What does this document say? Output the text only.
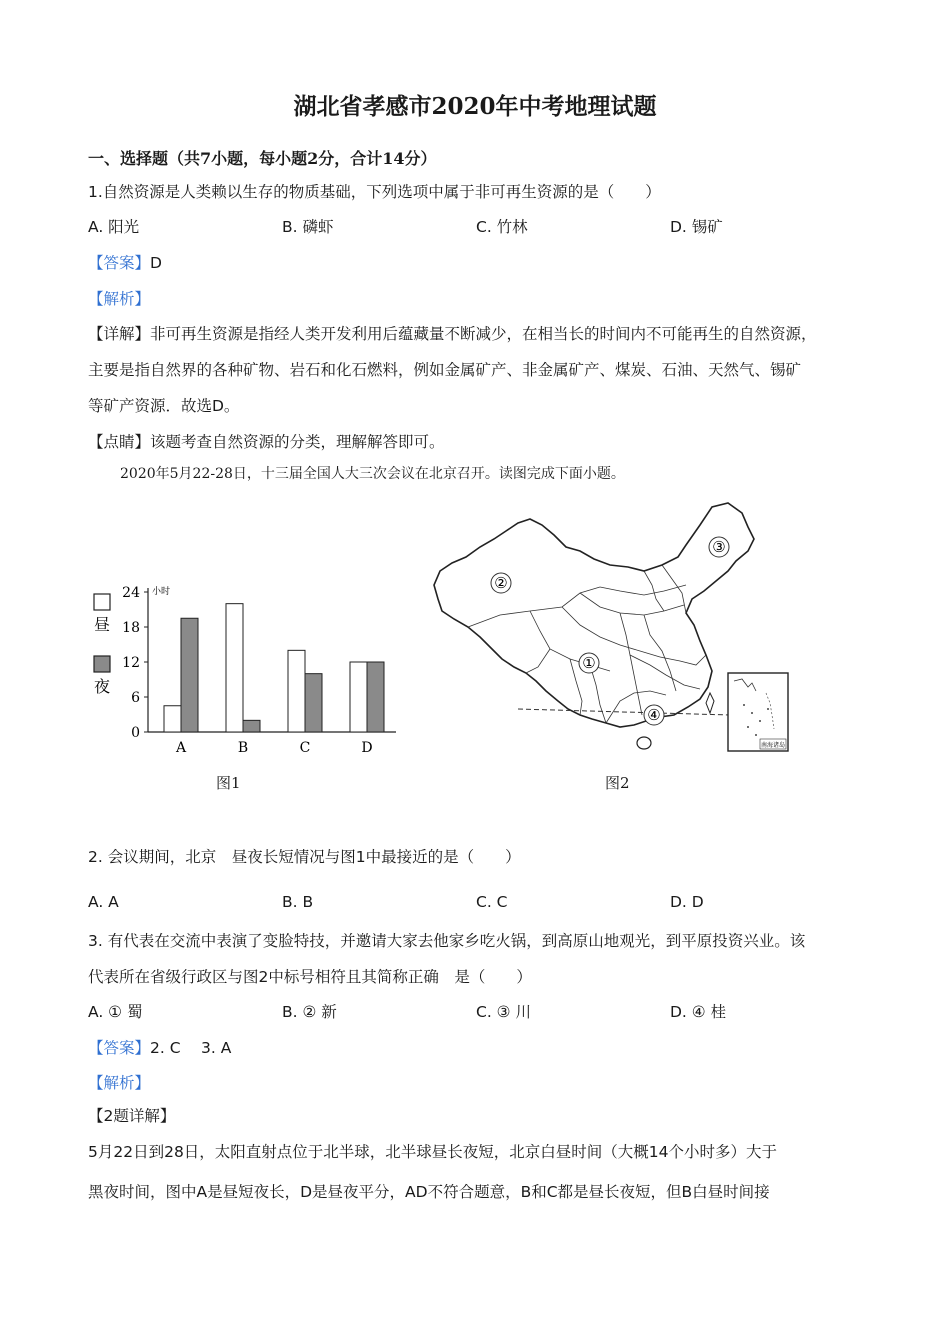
湖北省孝感市2020年中考地理试题
一、选择题（共7小题，每小题2分，合计14分）
1.自然资源是人类赖以生存的物质基础，下列选项中属于非可再生资源的是（　　）
A. 阳光	B. 磷虾	C. 竹林	D. 锡矿
【答案】D
【解析】
【详解】非可再生资源是指经人类开发利用后蕴藏量不断减少，在相当长的时间内不可能再生的自然资源，
主要是指自然界的各种矿物、岩石和化石燃料，例如金属矿产、非金属矿产、煤炭、石油、天然气、锡矿
等矿产资源．故选D。
【点睛】该题考查自然资源的分类，理解解答即可。
2020年5月22-28日，十三届全国人大三次会议在北京召开。读图完成下面小题。
昼
夜
小时
0
6
12
18
24
A	B	C	D
图1
②
①
③
④
南海诸岛
图2
2. 会议期间，北京　昼夜长短情况与图1中最接近的是（　　）
A. A	B. B	C. C	D. D
3. 有代表在交流中表演了变脸特技，并邀请大家去他家乡吃火锅，到高原山地观光，到平原投资兴业。该
代表所在省级行政区与图2中标号相符且其简称正确　是（　　）
A. ① 蜀	B. ② 新	C. ③ 川	D. ④ 桂
【答案】2. C　 3. A
【解析】
【2题详解】
5月22日到28日，太阳直射点位于北半球，北半球昼长夜短，北京白昼时间（大概14个小时多）大于
黑夜时间，图中A是昼短夜长，D是昼夜平分，AD不符合题意，B和C都是昼长夜短，但B白昼时间接
